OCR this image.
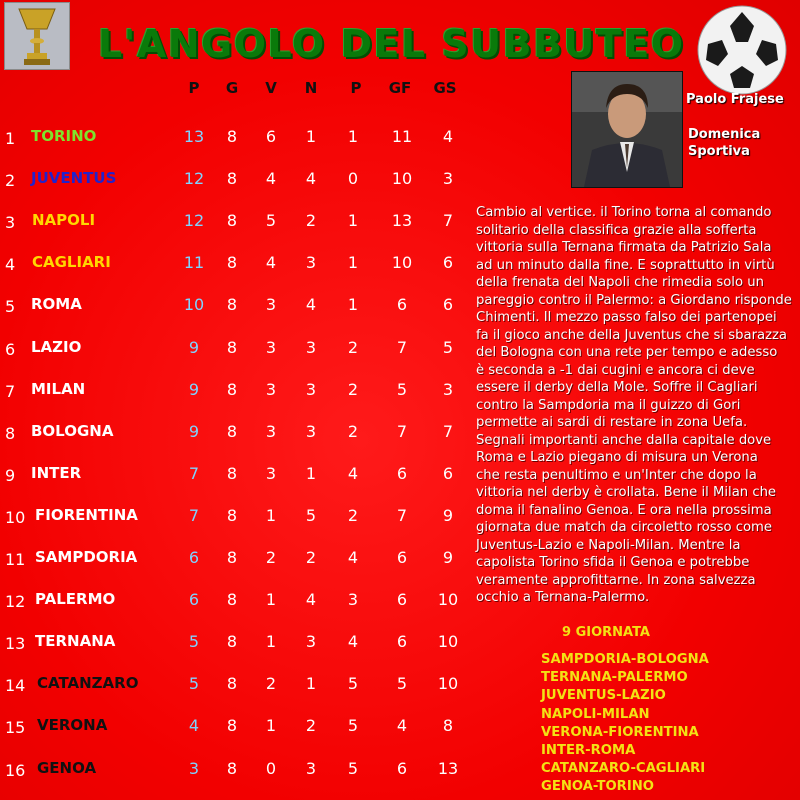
L'ANGOLO DEL SUBBUTEO
Paolo Frajese
Domenica Sportiva
P	G	V	N	P	GF	GS
1	TORINO	13	8	6	1	1	11	4
2	JUVENTUS	12	8	4	4	0	10	3
3	NAPOLI	12	8	5	2	1	13	7
4	CAGLIARI	11	8	4	3	1	10	6
5	ROMA	10	8	3	4	1	6	6
6	LAZIO	9	8	3	3	2	7	5
7	MILAN	9	8	3	3	2	5	3
8	BOLOGNA	9	8	3	3	2	7	7
9	INTER	7	8	3	1	4	6	6
10 FIORENTINA	7	8	1	5	2	7	9
11 SAMPDORIA	6	8	2	2	4	6	9
12 PALERMO	6	8	1	4	3	6	10
13 TERNANA	5	8	1	3	4	6	10
14 CATANZARO	5	8	2	1	5	5	10
15 VERONA	4	8	1	2	5	4	8
16 GENOA	3	8	0	3	5	6	13
Cambio al vertice. il Torino torna al comando
solitario della classifica grazie alla sofferta
vittoria sulla Ternana firmata da Patrizio Sala
ad un minuto dalla fine. E soprattutto in virtù
della frenata del Napoli che rimedia solo un
pareggio contro il Palermo: a Giordano risponde
Chimenti. Il mezzo passo falso dei partenopei
fa il gioco anche della Juventus che si sbarazza
del Bologna con una rete per tempo e adesso
è seconda a -1 dai cugini e ancora ci deve
essere il derby della Mole. Soffre il Cagliari
contro la Sampdoria ma il guizzo di Gori
permette ai sardi di restare in zona Uefa.
Segnali importanti anche dalla capitale dove
Roma e Lazio piegano di misura un Verona
che resta penultimo e un'Inter che dopo la
vittoria nel derby è crollata. Bene il Milan che
doma il fanalino Genoa. E ora nella prossima
giornata due match da circoletto rosso come
Juventus-Lazio e Napoli-Milan. Mentre la
capolista Torino sfida il Genoa e potrebbe
veramente approfittarne. In zona salvezza
occhio a Ternana-Palermo.
9 GIORNATA
SAMPDORIA-BOLOGNA
TERNANA-PALERMO
JUVENTUS-LAZIO
NAPOLI-MILAN
VERONA-FIORENTINA
INTER-ROMA
CATANZARO-CAGLIARI
GENOA-TORINO
